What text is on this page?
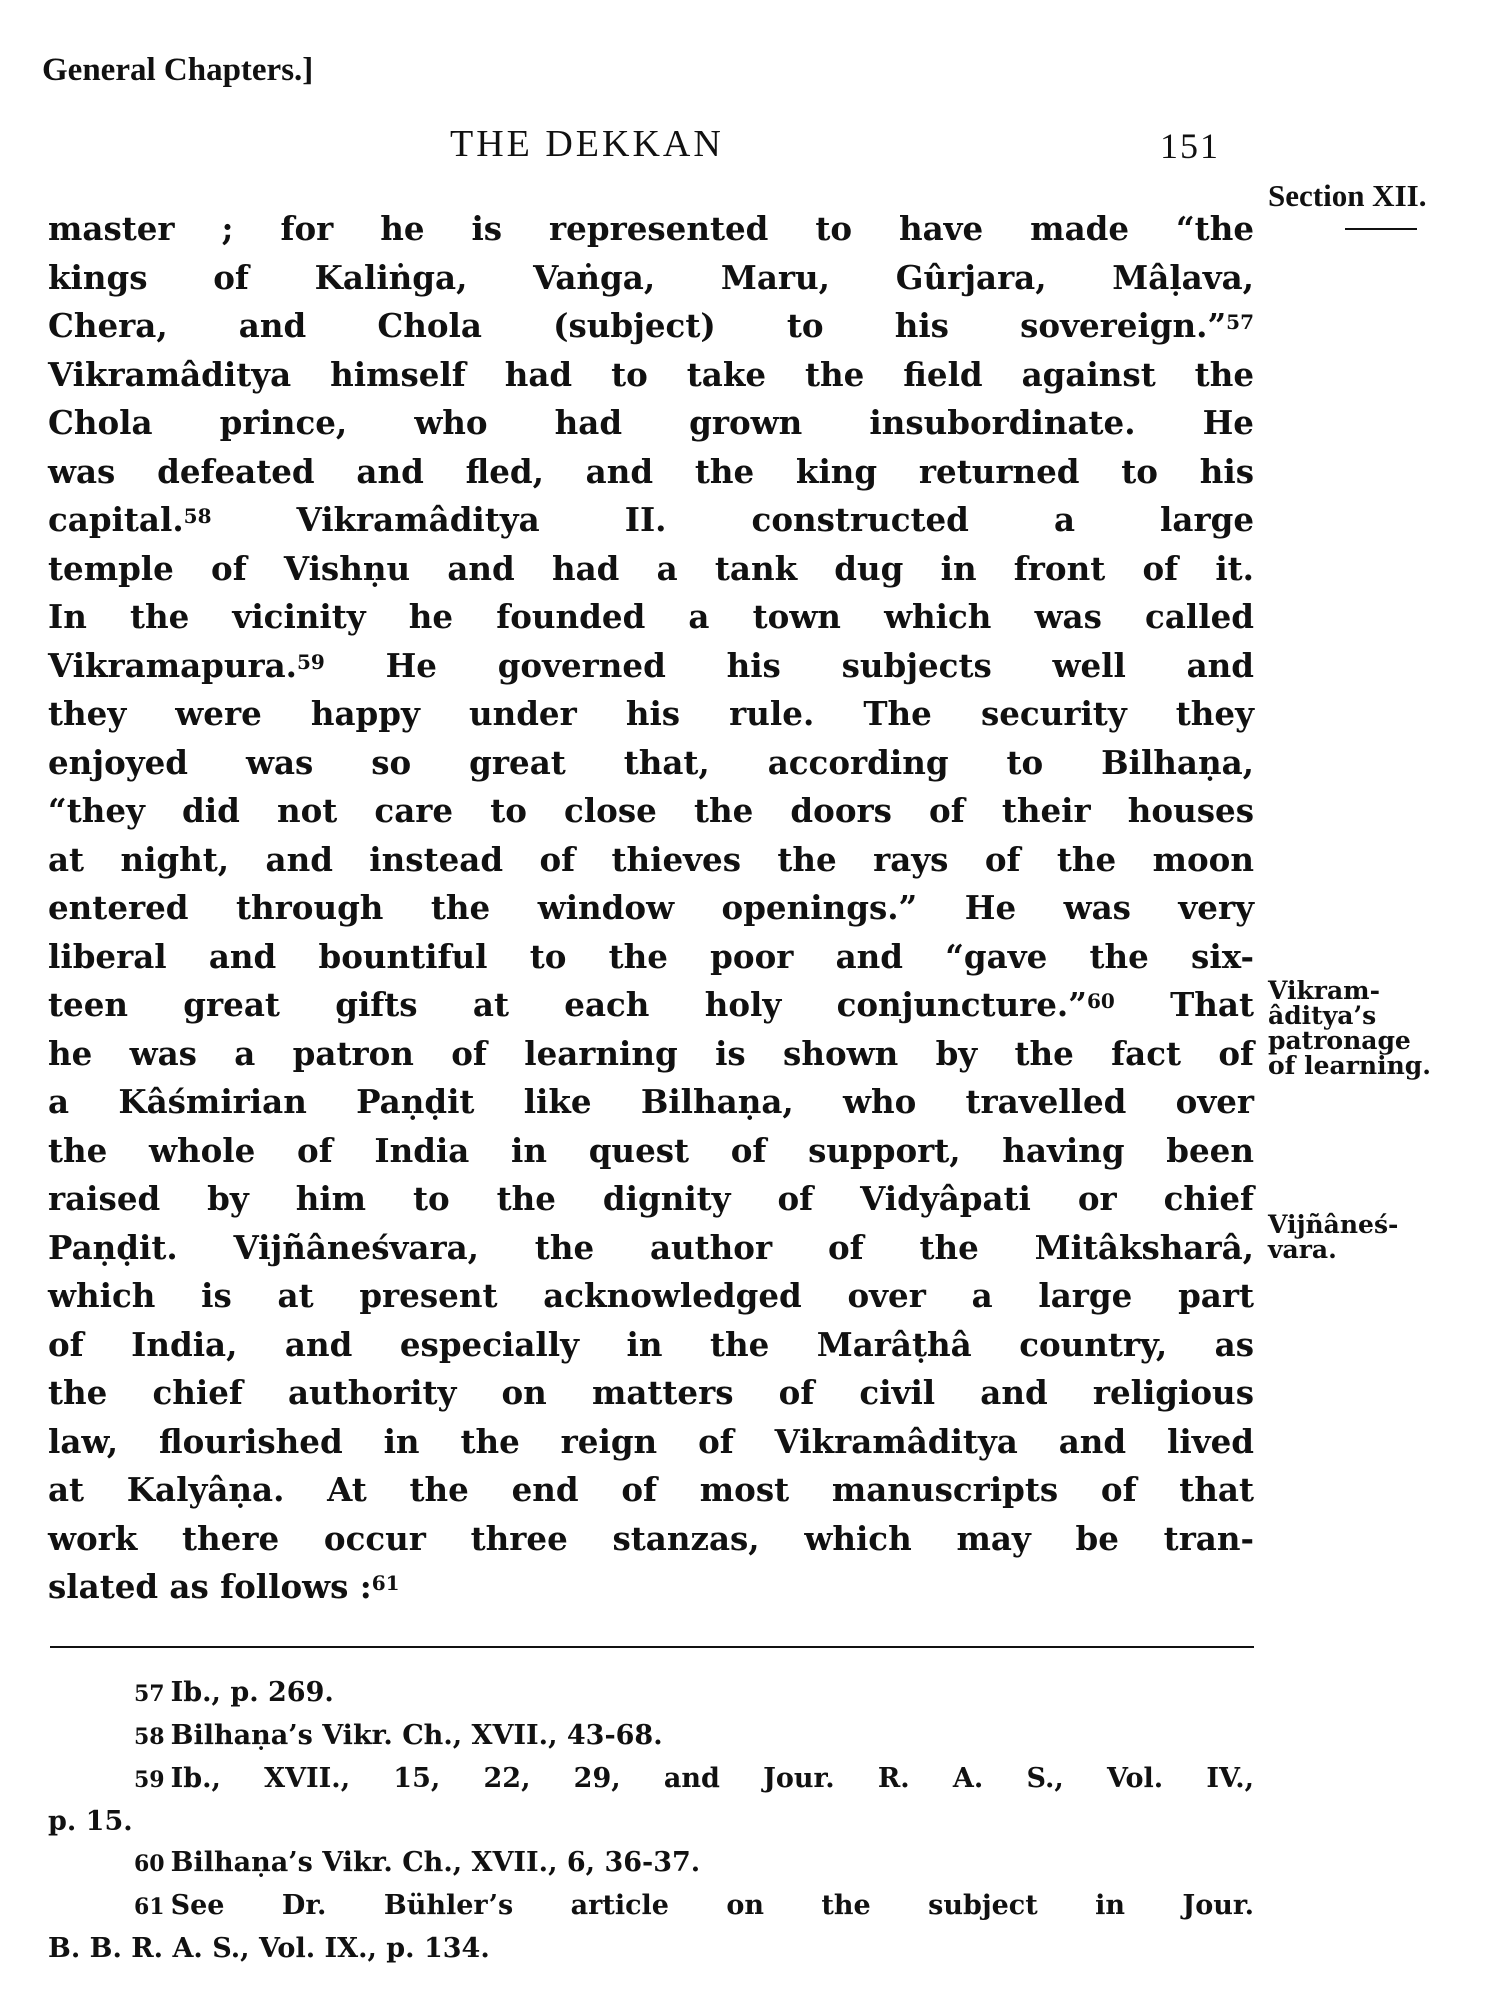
General Chapters.]
THE DEKKAN	151
Section XII.
master ; for he is represented to have made “the
kings of Kaliṅga, Vaṅga, Maru, Gûrjara, Mâḷava,
Chera, and Chola (subject) to his sovereign.”$^{57}$
Vikramâditya himself had to take the field against the
Chola prince, who had grown insubordinate. He
was defeated and fled, and the king returned to his
capital.$^{58}$ Vikramâditya II. constructed a large
temple of Vishṇu and had a tank dug in front of it.
In the vicinity he founded a town which was called
Vikramapura.$^{59}$ He governed his subjects well and
they were happy under his rule. The security they
enjoyed was so great that, according to Bilhaṇa,
“they did not care to close the doors of their houses
at night, and instead of thieves the rays of the moon
entered through the window openings.” He was very
liberal and bountiful to the poor and “gave the six-
teen great gifts at each holy conjuncture.”$^{60}$ That
he was a patron of learning is shown by the fact of
a Kâśmirian Paṇḍit like Bilhaṇa, who travelled over
the whole of India in quest of support, having been
raised by him to the dignity of Vidyâpati or chief
Paṇḍit. Vijñâneśvara, the author of the Mitâksharâ,
which is at present acknowledged over a large part
of India, and especially in the Marâṭhâ country, as
the chief authority on matters of civil and religious
law, flourished in the reign of Vikramâditya and lived
at Kalyâṇa. At the end of most manuscripts of that
work there occur three stanzas, which may be tran-
slated as follows :$^{61}$
Vikram-
âditya’s
patronage
of learning.
Vijñâneś-
vara.
57 Ib., p. 269.
58 Bilhaṇa’s Vikr. Ch., XVII., 43-68.
59 Ib., XVII., 15, 22, 29, and Jour. R. A. S., Vol. IV.,
p. 15.
60 Bilhaṇa’s Vikr. Ch., XVII., 6, 36-37.
61 See Dr. Bühler’s article on the subject in Jour.
B. B. R. A. S., Vol. IX., p. 134.
